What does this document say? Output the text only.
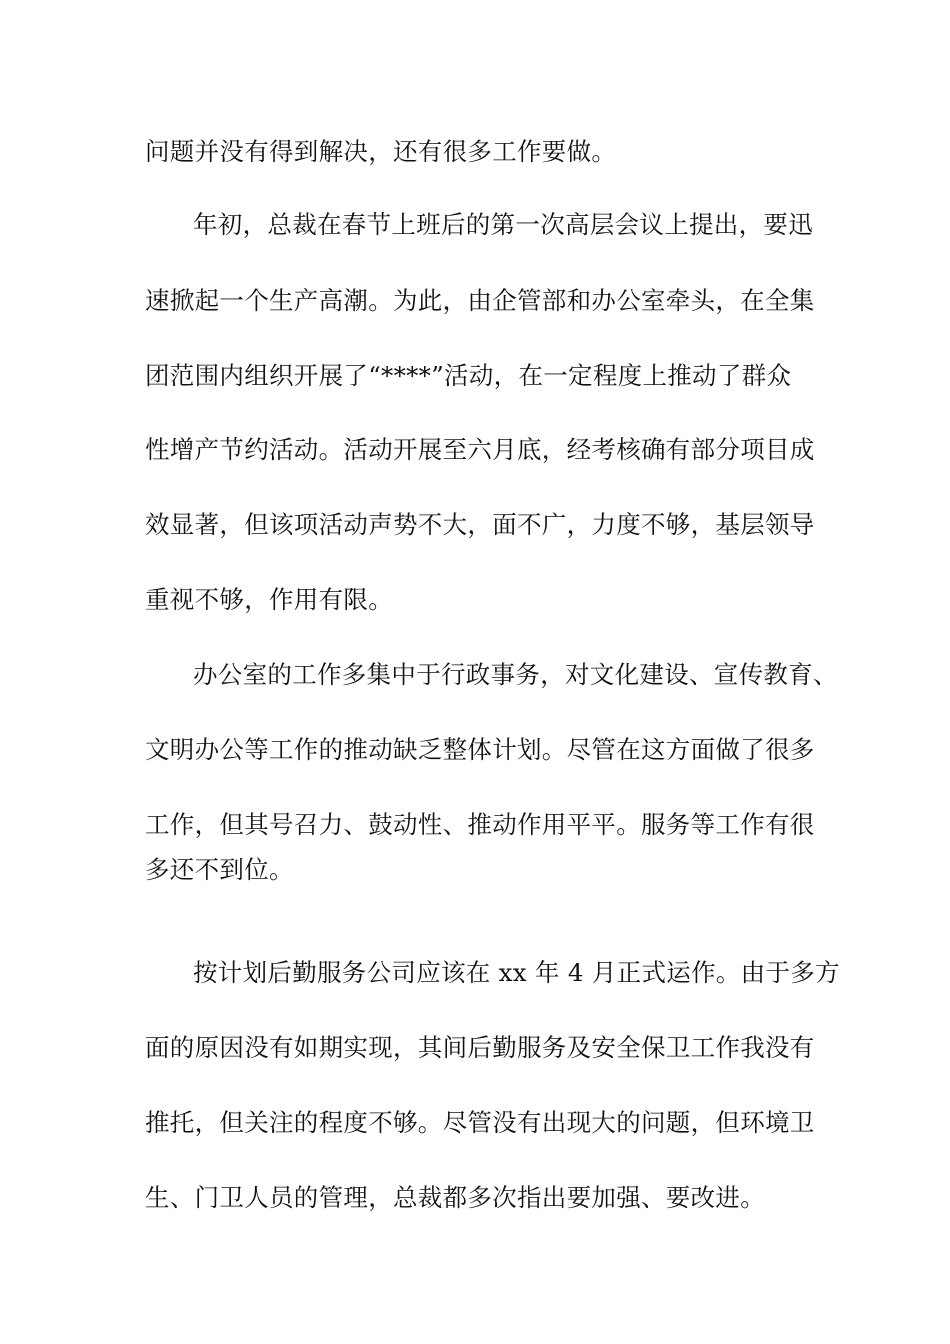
问题并没有得到解决，还有很多工作要做。
年初，总裁在春节上班后的第一次高层会议上提出，要迅
速掀起一个生产高潮。为此，由企管部和办公室牵头，在全集
团范围内组织开展了“****”活动，在一定程度上推动了群众
性增产节约活动。活动开展至六月底，经考核确有部分项目成
效显著，但该项活动声势不大，面不广，力度不够，基层领导
重视不够，作用有限。
办公室的工作多集中于行政事务，对文化建设、宣传教育、
文明办公等工作的推动缺乏整体计划。尽管在这方面做了很多
工作，但其号召力、鼓动性、推动作用平平。服务等工作有很
多还不到位。
按计划后勤服务公司应该在 xx 年 4 月正式运作。由于多方
面的原因没有如期实现，其间后勤服务及安全保卫工作我没有
推托，但关注的程度不够。尽管没有出现大的问题，但环境卫
生、门卫人员的管理，总裁都多次指出要加强、要改进。
